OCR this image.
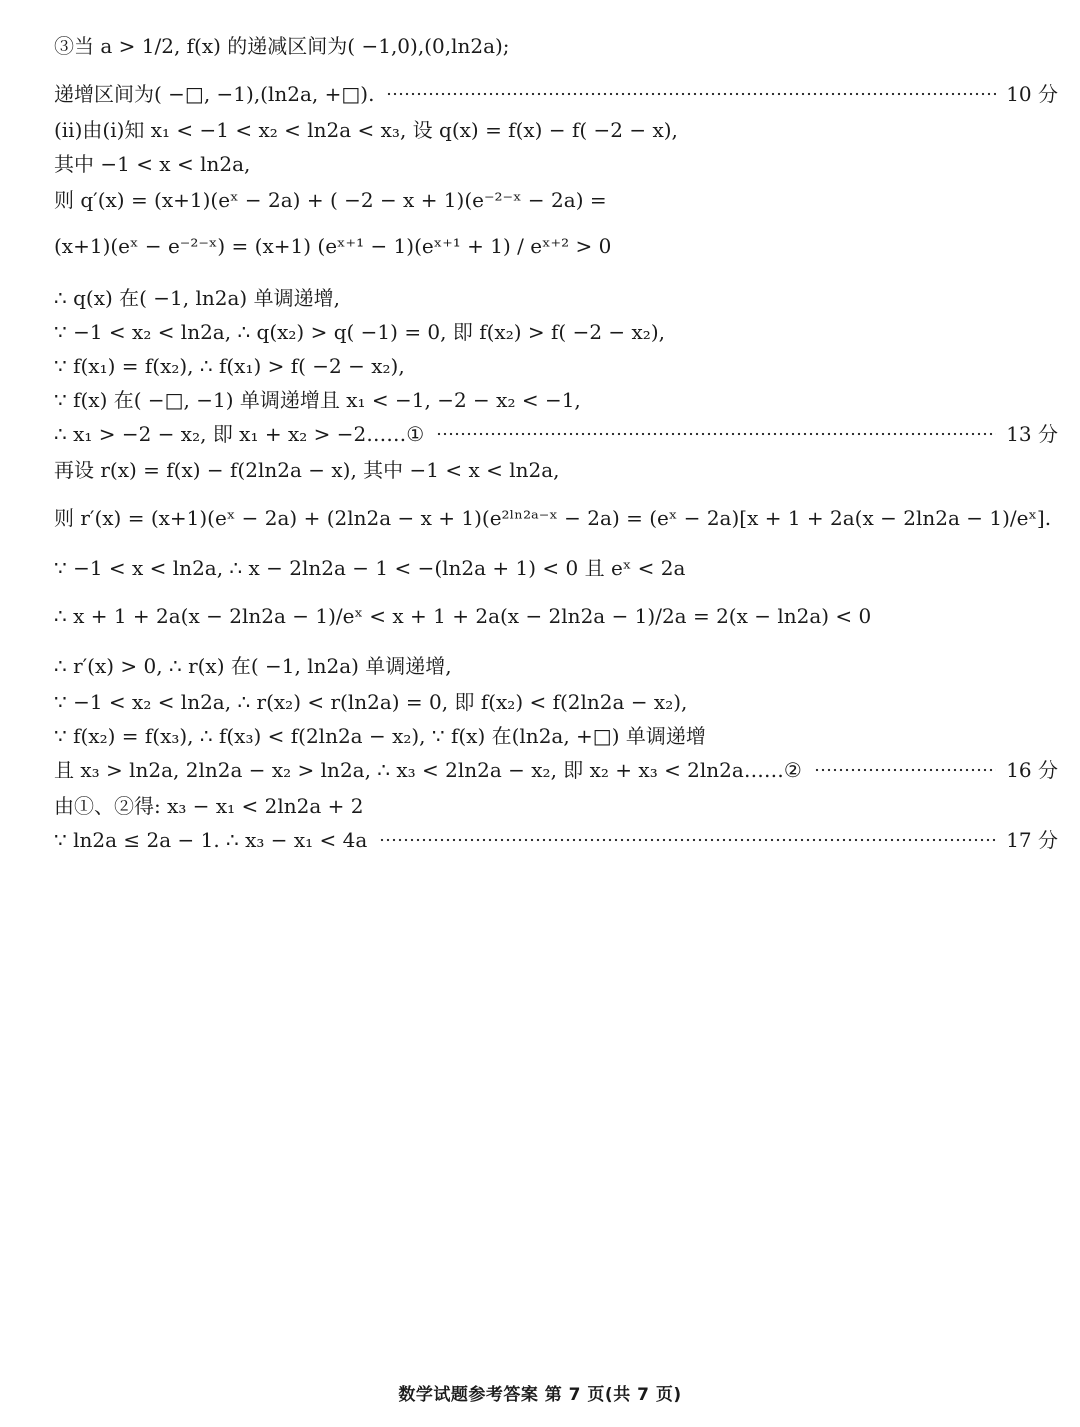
③当 a > 1/2, f(x) 的递减区间为( −1,0),(0,ln2a);
递增区间为( −□, −1),(ln2a, +□).	10 分
(ⅱ)由(ⅰ)知 x₁ < −1 < x₂ < ln2a < x₃, 设 q(x) = f(x) − f( −2 − x),
其中 −1 < x < ln2a,
则 q′(x) = (x+1)(eˣ − 2a) + ( −2 − x + 1)(e⁻²⁻ˣ − 2a) =
(x+1)(eˣ − e⁻²⁻ˣ) = (x+1) (eˣ⁺¹ − 1)(eˣ⁺¹ + 1) / eˣ⁺² > 0
∴ q(x) 在( −1, ln2a) 单调递增,
∵ −1 < x₂ < ln2a, ∴ q(x₂) > q( −1) = 0, 即 f(x₂) > f( −2 − x₂),
∵ f(x₁) = f(x₂), ∴ f(x₁) > f( −2 − x₂),
∵ f(x) 在( −□, −1) 单调递增且 x₁ < −1, −2 − x₂ < −1,
∴ x₁ > −2 − x₂, 即 x₁ + x₂ > −2……①	13 分
再设 r(x) = f(x) − f(2ln2a − x), 其中 −1 < x < ln2a,
则 r′(x) = (x+1)(eˣ − 2a) + (2ln2a − x + 1)(e²ˡⁿ²ᵃ⁻ˣ − 2a) = (eˣ − 2a)[x + 1 + 2a(x − 2ln2a − 1)/eˣ].
∵ −1 < x < ln2a, ∴ x − 2ln2a − 1 < −(ln2a + 1) < 0 且 eˣ < 2a
∴ x + 1 + 2a(x − 2ln2a − 1)/eˣ < x + 1 + 2a(x − 2ln2a − 1)/2a = 2(x − ln2a) < 0
∴ r′(x) > 0, ∴ r(x) 在( −1, ln2a) 单调递增,
∵ −1 < x₂ < ln2a, ∴ r(x₂) < r(ln2a) = 0, 即 f(x₂) < f(2ln2a − x₂),
∵ f(x₂) = f(x₃), ∴ f(x₃) < f(2ln2a − x₂), ∵ f(x) 在(ln2a, +□) 单调递增
且 x₃ > ln2a, 2ln2a − x₂ > ln2a, ∴ x₃ < 2ln2a − x₂, 即 x₂ + x₃ < 2ln2a……②	16 分
由①、②得: x₃ − x₁ < 2ln2a + 2
∵ ln2a ≤ 2a − 1. ∴ x₃ − x₁ < 4a	17 分
数学试题参考答案 第 7 页(共 7 页)
